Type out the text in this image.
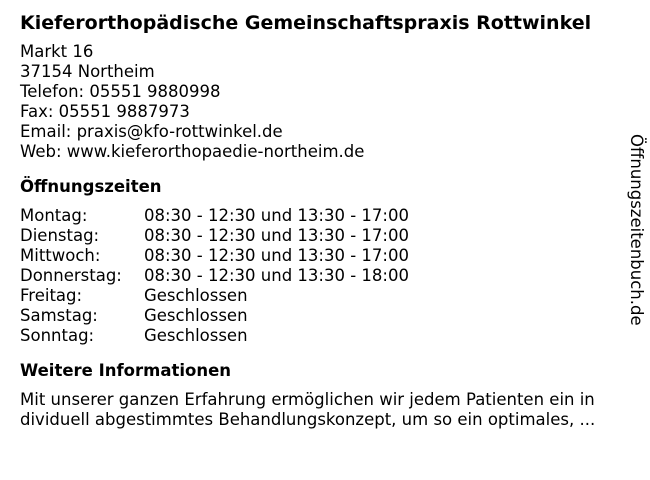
Kieferorthopädische Gemeinschaftspraxis Rottwinkel
Markt 16
37154 Northeim
Telefon: 05551 9880998
Fax: 05551 9887973
Email: praxis@kfo-rottwinkel.de
Web: www.kieferorthopaedie-northeim.de
Öffnungszeiten
Montag:	08:30 - 12:30 und 13:30 - 17:00
Dienstag:	08:30 - 12:30 und 13:30 - 17:00
Mittwoch:	08:30 - 12:30 und 13:30 - 17:00
Donnerstag:	08:30 - 12:30 und 13:30 - 18:00
Freitag:	Geschlossen
Samstag:	Geschlossen
Sonntag:	Geschlossen
Weitere Informationen
Mit unserer ganzen Erfahrung ermöglichen wir jedem Patienten ein in
dividuell abgestimmtes Behandlungskonzept, um so ein optimales, ...
Öffnungszeitenbuch.de
